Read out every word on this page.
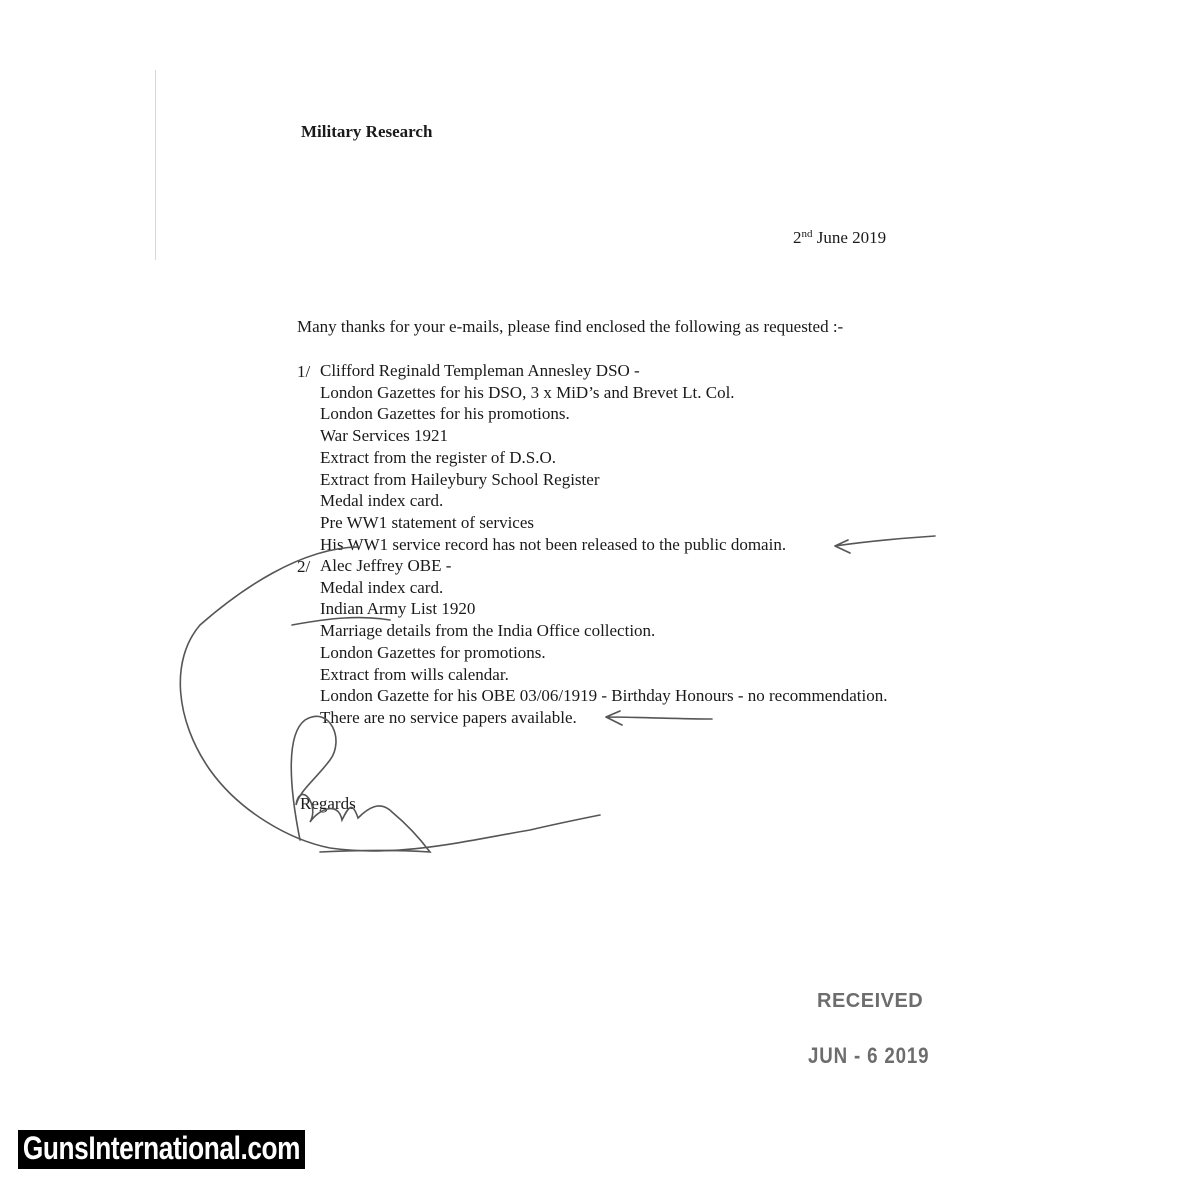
Military Research
2nd June 2019
Many thanks for your e-mails, please find enclosed the following as requested :-
1/ Clifford Reginald Templeman Annesley DSO -
London Gazettes for his DSO, 3 x MiD’s and Brevet Lt. Col.
London Gazettes for his promotions.
War Services 1921
Extract from the register of D.S.O.
Extract from Haileybury School Register
Medal index card.
Pre WW1 statement of services
His WW1 service record has not been released to the public domain.
2/ Alec Jeffrey OBE -
Medal index card.
Indian Army List 1920
Marriage details from the India Office collection.
London Gazettes for promotions.
Extract from wills calendar.
London Gazette for his OBE 03/06/1919 - Birthday Honours - no recommendation.
There are no service papers available.
Regards
RECEIVED
JUN - 6 2019
GunsInternational.com
